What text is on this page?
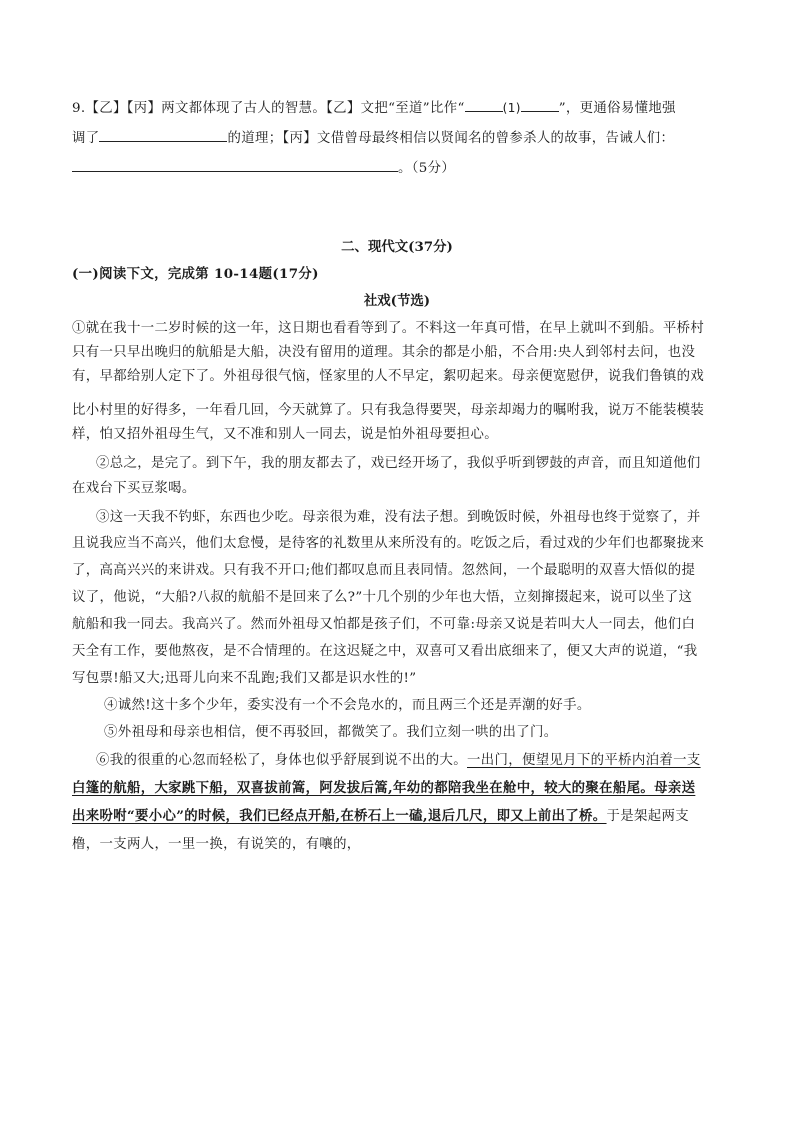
9.【乙】【丙】两文都体现了古人的智慧。【乙】文把“至道”比作“	(1)	”，更通俗易懂地强
调了	的道理；【丙】文借曾母最终相信以贤闻名的曾参杀人的故事，告诫人们：
。（5分）
二、现代文(37分)
(一)阅读下文，完成第 10-14题(17分)
社戏(节选)
①就在我十一二岁时候的这一年，这日期也看看等到了。不料这一年真可惜，在早上就叫不到船。平桥村
只有一只早出晚归的航船是大船，决没有留用的道理。其余的都是小船，不合用:央人到邻村去问，也没
有，早都给别人定下了。外祖母很气恼，怪家里的人不早定，絮叨起来。母亲便宽慰伊，说我们鲁镇的戏
比小村里的好得多，一年看几回，今天就算了。只有我急得要哭，母亲却竭力的嘱咐我，说万不能装模装
样，怕又招外祖母生气，又不准和别人一同去，说是怕外祖母要担心。
②总之，是完了。到下午，我的朋友都去了，戏已经开场了，我似乎听到锣鼓的声音，而且知道他们
在戏台下买豆浆喝。
③这一天我不钓虾，东西也少吃。母亲很为难，没有法子想。到晚饭时候，外祖母也终于觉察了，并
且说我应当不高兴，他们太怠慢，是待客的礼数里从来所没有的。吃饭之后，看过戏的少年们也都聚拢来
了，高高兴兴的来讲戏。只有我不开口;他们都叹息而且表同情。忽然间，一个最聪明的双喜大悟似的提
议了，他说，“大船?八叔的航船不是回来了么?”十几个别的少年也大悟，立刻撺掇起来，说可以坐了这
航船和我一同去。我高兴了。然而外祖母又怕都是孩子们，不可靠:母亲又说是若叫大人一同去，他们白
天全有工作，要他熬夜，是不合情理的。在这迟疑之中，双喜可又看出底细来了，便又大声的说道，“我
写包票!船又大;迅哥儿向来不乱跑;我们又都是识水性的!”
④诚然!这十多个少年，委实没有一个不会凫水的，而且两三个还是弄潮的好手。
⑤外祖母和母亲也相信，便不再驳回，都微笑了。我们立刻一哄的出了门。
⑥我的很重的心忽而轻松了，身体也似乎舒展到说不出的大。一出门，便望见月下的平桥内泊着一支
白篷的航船，大家跳下船，双喜拔前篙，阿发拔后篙,年幼的都陪我坐在舱中，较大的聚在船尾。母亲送
出来吩咐“要小心”的时候，我们已经点开船,在桥石上一磕,退后几尺，即又上前出了桥。于是架起两支
橹，一支两人，一里一换，有说笑的，有嚷的，
